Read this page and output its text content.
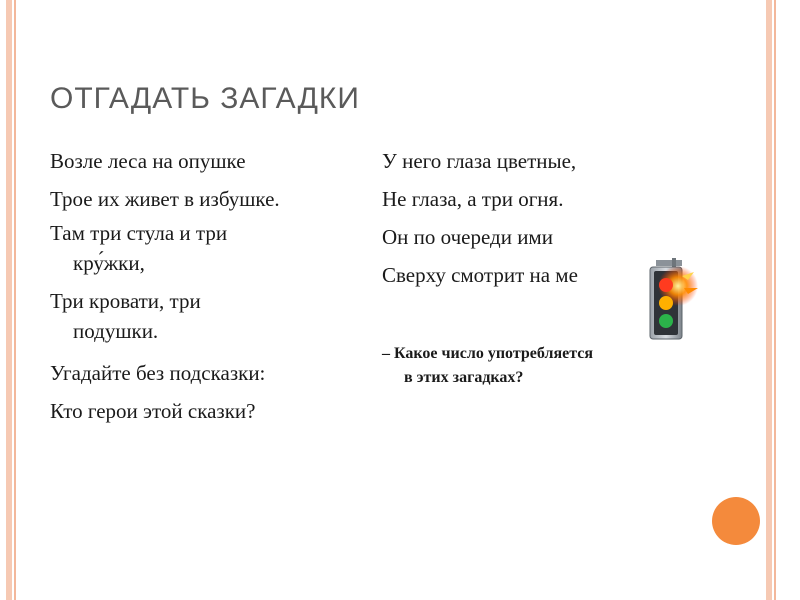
ОТГАДАТЬ ЗАГАДКИ
Возле леса на опушке
Трое их живет в избушке.
Там три стула и три
кру́жки,
Три кровати, три
подушки.
Угадайте без подсказки:
Кто герои этой сказки?
У него глаза цветные,
Не глаза, а три огня.
Он по очереди ими
Сверху смотрит на ме
– Какое число употребляется
в этих загадках?
